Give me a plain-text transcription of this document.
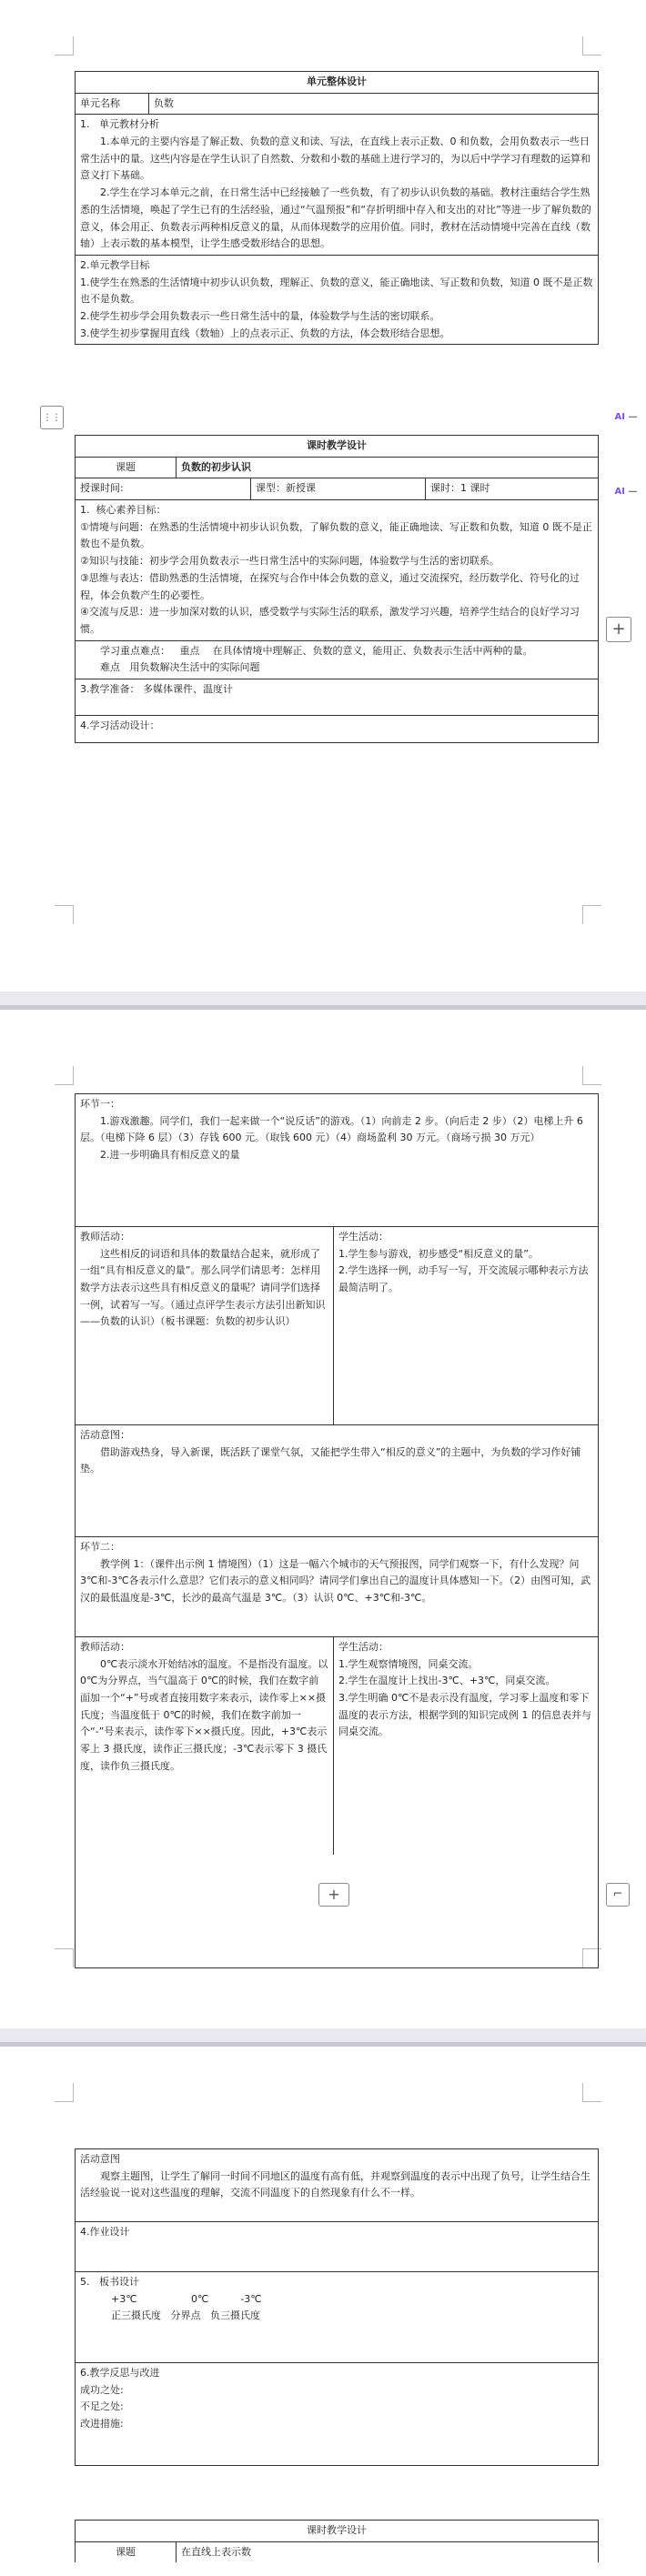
单元整体设计
单元名称	负数

1.   单元教材分析

1.本单元的主要内容是了解正数、负数的意义和读、写法，在直线上表示正数、0 和负数，会用负数表示一些日常生活中的量。这些内容是在学生认识了自然数、分数和小数的基础上进行学习的，为以后中学学习有理数的运算和意义打下基础。

2.学生在学习本单元之前，在日常生活中已经接触了一些负数，有了初步认识负数的基础。教材注重结合学生熟悉的生活情境，唤起了学生已有的生活经验，通过“气温预报”和“存折明细中存入和支出的对比”等进一步了解负数的意义，体会用正、负数表示两种相反意义的量，从而体现数学的应用价值。同时，教材在活动情境中完善在直线（数轴）上表示数的基本模型，让学生感受数形结合的思想。

2.单元教学目标

1.使学生在熟悉的生活情境中初步认识负数，理解正、负数的意义，能正确地读、写正数和负数，知道 0 既不是正数也不是负数。

2.使学生初步学会用负数表示一些日常生活中的量，体验数学与生活的密切联系。

3.使学生初步掌握用直线（数轴）上的点表示正、负数的方法，体会数形结合思想。

⋮⋮	AI
—
AI
—
+
课时教学设计
课题	负数的初步认识
授课时间:	课型：新授课	课时：1 课时

1.  核心素养目标：

①情境与问题：在熟悉的生活情境中初步认识负数，了解负数的意义，能正确地读、写正数和负数，知道 0 既不是正数也不是负数。

②知识与技能：初步学会用负数表示一些日常生活中的实际问题，体验数学与生活的密切联系。

③思维与表达：借助熟悉的生活情境，在探究与合作中体会负数的意义，通过交流探究，经历数学化、符号化的过程，体会负数产生的必要性。

④交流与反思：进一步加深对数的认识，感受数学与实际生活的联系，激发学习兴趣，培养学生结合的良好学习习惯。

学习重点难点：   重点    在具体情境中理解正、负数的意义，能用正、负数表示生活中两种的量。

难点   用负数解决生活中的实际问题

3.教学准备： 多媒体课件、温度计
4.学习活动设计：

环节一：

1.游戏激趣。同学们，我们一起来做一个“说反话”的游戏。（1）向前走 2 步。（向后走 2 步）（2）电梯上升 6 层。（电梯下降 6 层）（3）存钱 600 元。（取钱 600 元）（4）商场盈利 30 万元。（商场亏损 30 万元）

2.进一步明确具有相反意义的量

教师活动：

这些相反的词语和具体的数量结合起来，就形成了一组“具有相反意义的量”。那么同学们请思考：怎样用数学方法表示这些具有相反意义的量呢？请同学们选择一例，试着写一写。（通过点评学生表示方法引出新知识——负数的认识）（板书课题：负数的初步认识）

学生活动：

1.学生参与游戏，初步感受“相反意义的量”。
2.学生选择一例，动手写一写，开交流展示哪种表示方法最简洁明了。

活动意图：

借助游戏热身，导入新课，既活跃了课堂气氛，又能把学生带入“相反的意义”的主题中，为负数的学习作好铺垫。

环节二：

教学例 1：（课件出示例 1 情境图）（1）这是一幅六个城市的天气预报图，同学们观察一下，有什么发现？问 3℃和-3℃各表示什么意思？它们表示的意义相同吗？请同学们拿出自己的温度计具体感知一下。（2）由图可知，武汉的最低温度是-3℃，长沙的最高气温是 3℃。（3）认识 0℃、+3℃和-3℃。

教师活动：

0℃表示淡水开始结冰的温度。不是指没有温度。以 0℃为分界点，当气温高于 0℃的时候，我们在数字前面加一个“+”号或者直接用数字来表示，读作零上××摄氏度；当温度低于 0℃的时候，我们在数字前加一个“-”号来表示，读作零下××摄氏度。因此，+3℃表示零上 3 摄氏度，读作正三摄氏度；-3℃表示零下 3 摄氏度，读作负三摄氏度。

学生活动：

1.学生观察情境图，同桌交流。
2.学生在温度计上找出-3℃、+3℃，同桌交流。
3.学生明确 0℃不是表示没有温度，学习零上温度和零下温度的表示方法，根据学到的知识完成例 1 的信息表并与同桌交流。

+	⌐

活动意图

观察主题图，让学生了解同一时间不同地区的温度有高有低，并观察到温度的表示中出现了负号，让学生结合生活经验说一说对这些温度的理解，交流不同温度下的自然现象有什么不一样。

4.作业设计

5.   板书设计

+3℃                 0℃          -3℃

正三摄氏度   分界点   负三摄氏度

6.教学反思与改进

成功之处:

不足之处:

改进措施:

课时教学设计
课题	在直线上表示数
